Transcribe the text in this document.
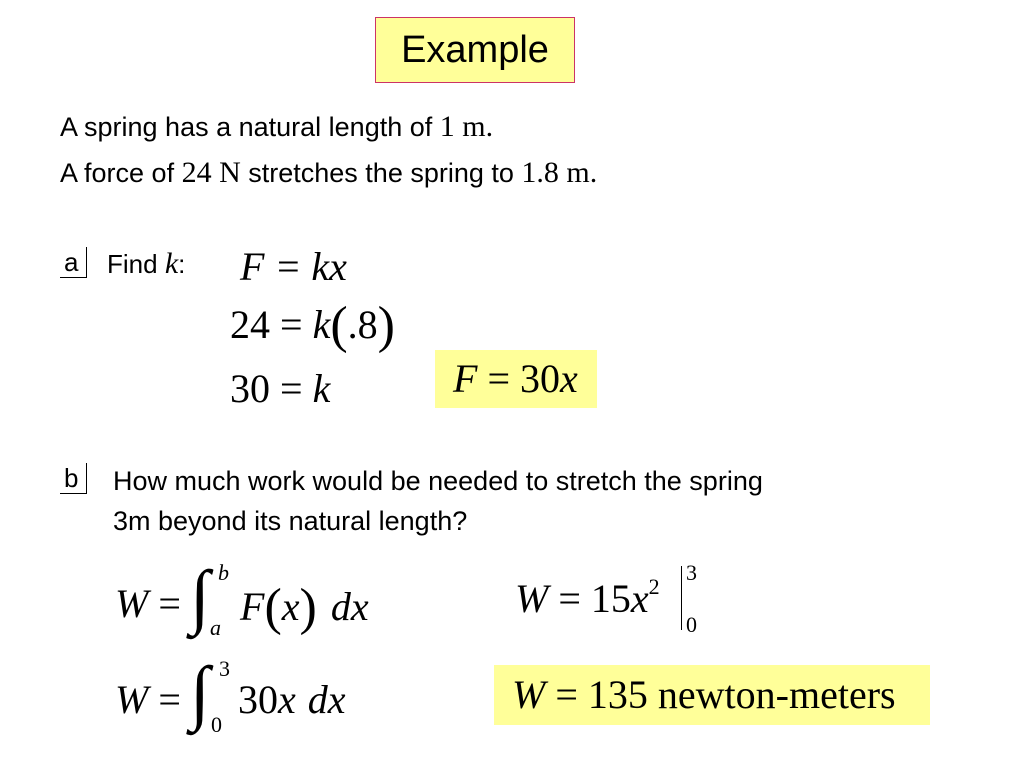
Example
A spring has a natural length of 1 m.
A force of 24 N stretches the spring to 1.8 m.
a	Find k: F = kx
24 = k(.8)
30 = k	F = 30x
b	How much work would be needed to stretch the spring
3m beyond its natural length?
W = ∫ b
a F(x) dx
W = ∫ 3
0
30x dx
$W = 15x^2$
3
0
W = 135 newton-meters
